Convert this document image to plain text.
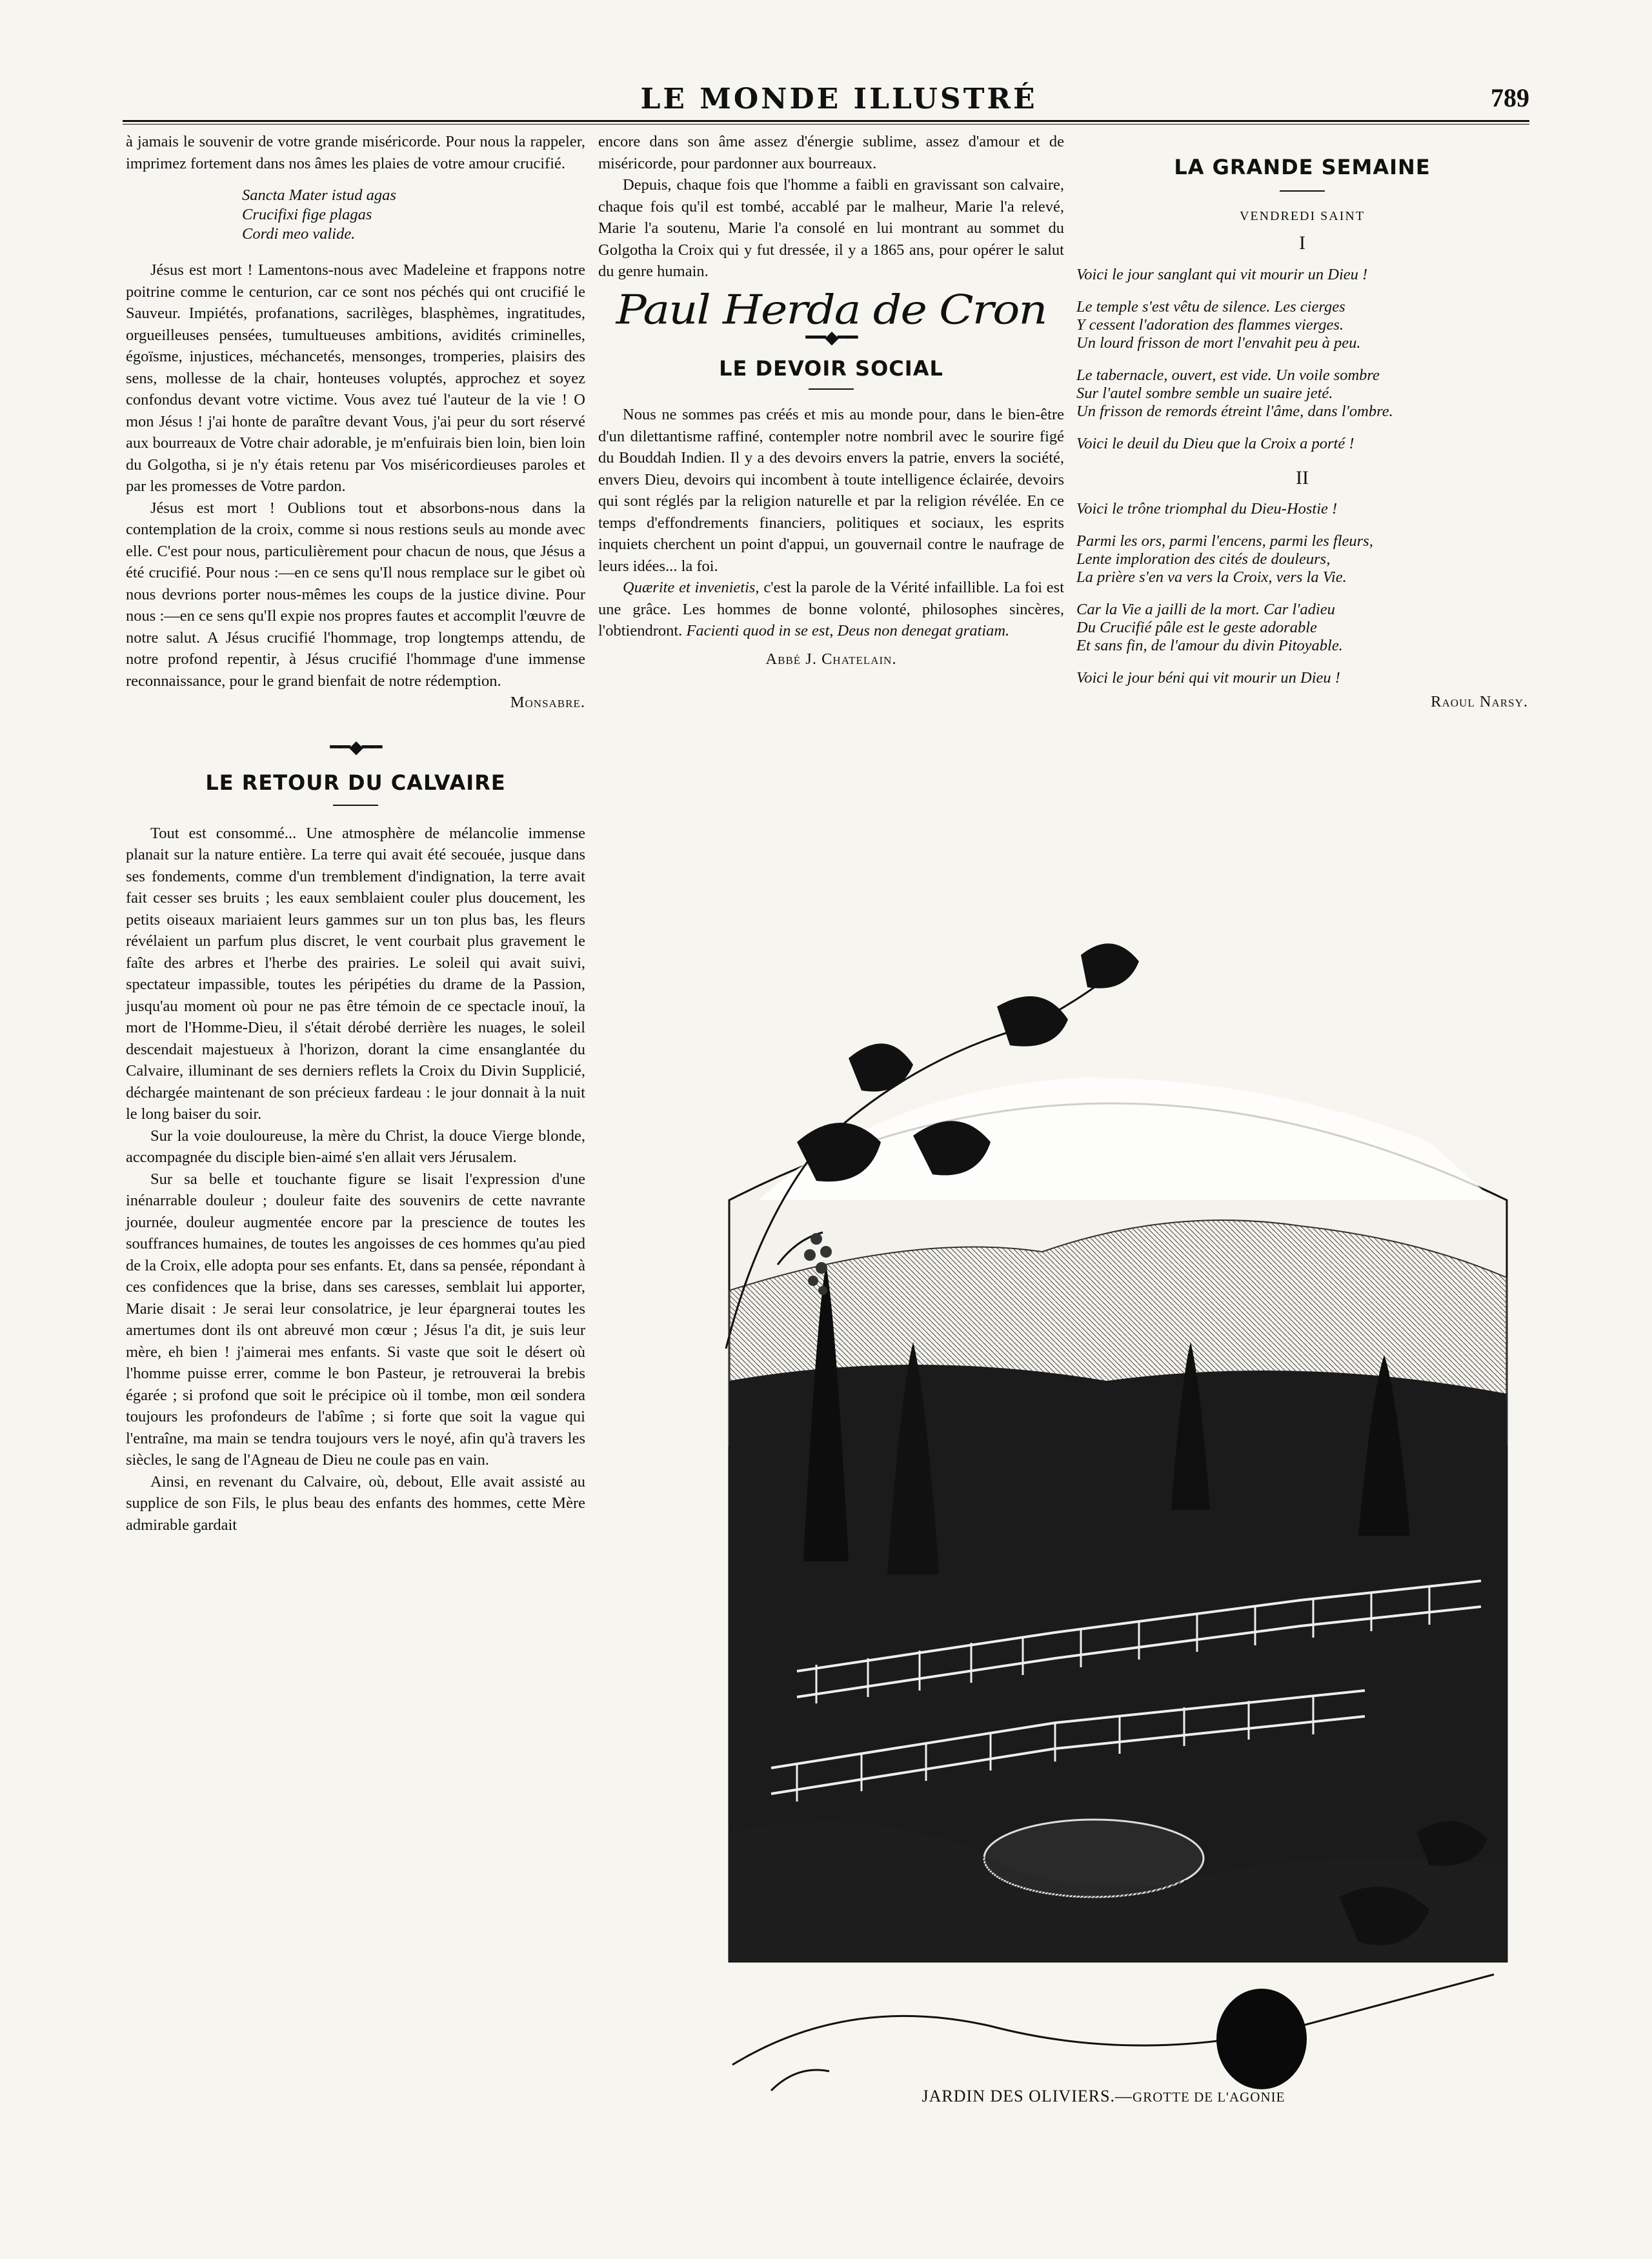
LE MONDE ILLUSTRÉ	789

à jamais le souvenir de votre grande miséricorde. Pour nous la rappeler, imprimez fortement dans nos âmes les plaies de votre amour crucifié.

Sancta Mater istud agas
Crucifixi fige plagas
Cordi meo valide.

Jésus est mort ! Lamentons-nous avec Madeleine et frappons notre poitrine comme le centurion, car ce sont nos péchés qui ont crucifié le Sauveur. Impiétés, profanations, sacrilèges, blasphèmes, ingratitudes, orgueilleuses pensées, tumultueuses ambitions, avidités criminelles, égoïsme, injustices, méchancetés, mensonges, tromperies, plaisirs des sens, mollesse de la chair, honteuses voluptés, approchez et soyez confondus devant votre victime. Vous avez tué l'auteur de la vie ! O mon Jésus ! j'ai honte de paraître devant Vous, j'ai peur du sort réservé aux bourreaux de Votre chair adorable, je m'enfuirais bien loin, bien loin du Golgotha, si je n'y étais retenu par Vos miséricordieuses paroles et par les promesses de Votre pardon.

Jésus est mort ! Oublions tout et absorbons-nous dans la contemplation de la croix, comme si nous restions seuls au monde avec elle. C'est pour nous, particulièrement pour chacun de nous, que Jésus a été crucifié. Pour nous :—en ce sens qu'Il nous remplace sur le gibet où nous devrions porter nous-mêmes les coups de la justice divine. Pour nous :—en ce sens qu'Il expie nos propres fautes et accomplit l'œuvre de notre salut. A Jésus crucifié l'hommage, trop longtemps attendu, de notre profond repentir, à Jésus crucifié l'hommage d'une immense reconnaissance, pour le grand bienfait de notre rédemption.

Monsabre.
━━◆━━
LE RETOUR DU CALVAIRE

Tout est consommé... Une atmosphère de mélancolie immense planait sur la nature entière. La terre qui avait été secouée, jusque dans ses fondements, comme d'un tremblement d'indignation, la terre avait fait cesser ses bruits ; les eaux semblaient couler plus doucement, les petits oiseaux mariaient leurs gammes sur un ton plus bas, les fleurs révélaient un parfum plus discret, le vent courbait plus gravement le faîte des arbres et l'herbe des prairies. Le soleil qui avait suivi, spectateur impassible, toutes les péripéties du drame de la Passion, jusqu'au moment où pour ne pas être témoin de ce spectacle inouï, la mort de l'Homme-Dieu, il s'était dérobé derrière les nuages, le soleil descendait majestueux à l'horizon, dorant la cime ensanglantée du Calvaire, illuminant de ses derniers reflets la Croix du Divin Supplicié, déchargée maintenant de son précieux fardeau : le jour donnait à la nuit le long baiser du soir.

Sur la voie douloureuse, la mère du Christ, la douce Vierge blonde, accompagnée du disciple bien-aimé s'en allait vers Jérusalem.

Sur sa belle et touchante figure se lisait l'expression d'une inénarrable douleur ; douleur faite des souvenirs de cette navrante journée, douleur augmentée encore par la prescience de toutes les souffrances humaines, de toutes les angoisses de ces hommes qu'au pied de la Croix, elle adopta pour ses enfants. Et, dans sa pensée, répondant à ces confidences que la brise, dans ses caresses, semblait lui apporter, Marie disait : Je serai leur consolatrice, je leur épargnerai toutes les amertumes dont ils ont abreuvé mon cœur ; Jésus l'a dit, je suis leur mère, eh bien ! j'aimerai mes enfants. Si vaste que soit le désert où l'homme puisse errer, comme le bon Pasteur, je retrouverai la brebis égarée ; si profond que soit le précipice où il tombe, mon œil sondera toujours les profondeurs de l'abîme ; si forte que soit la vague qui l'entraîne, ma main se tendra toujours vers le noyé, afin qu'à travers les siècles, le sang de l'Agneau de Dieu ne coule pas en vain.

Ainsi, en revenant du Calvaire, où, debout, Elle avait assisté au supplice de son Fils, le plus beau des enfants des hommes, cette Mère admirable gardait

encore dans son âme assez d'énergie sublime, assez d'amour et de miséricorde, pour pardonner aux bourreaux.

Depuis, chaque fois que l'homme a faibli en gravissant son calvaire, chaque fois qu'il est tombé, accablé par le malheur, Marie l'a relevé, Marie l'a soutenu, Marie l'a consolé en lui montrant au sommet du Golgotha la Croix qui y fut dressée, il y a 1865 ans, pour opérer le salut du genre humain.

Paul Herda de Cron
━━◆━━
LE DEVOIR SOCIAL

Nous ne sommes pas créés et mis au monde pour, dans le bien-être d'un dilettantisme raffiné, contempler notre nombril avec le sourire figé du Bouddah Indien. Il y a des devoirs envers la patrie, envers la société, envers Dieu, devoirs qui incombent à toute intelligence éclairée, devoirs qui sont réglés par la religion naturelle et par la religion révélée. En ce temps d'effondrements financiers, politiques et sociaux, les esprits inquiets cherchent un point d'appui, un gouvernail contre le naufrage de leurs idées... la foi.

Quærite et invenietis, c'est la parole de la Vérité infaillible. La foi est une grâce. Les hommes de bonne volonté, philosophes sincères, l'obtiendront. Facienti quod in se est, Deus non denegat gratiam.

Abbé J. Chatelain.
LA GRANDE SEMAINE
VENDREDI SAINT
I

Voici le jour sanglant qui vit mourir un Dieu !

Le temple s'est vêtu de silence. Les cierges

Y cessent l'adoration des flammes vierges.

Un lourd frisson de mort l'envahit peu à peu.

Le tabernacle, ouvert, est vide. Un voile sombre

Sur l'autel sombre semble un suaire jeté.

Un frisson de remords étreint l'âme, dans l'ombre.

Voici le deuil du Dieu que la Croix a porté !

II

Voici le trône triomphal du Dieu-Hostie !

Parmi les ors, parmi l'encens, parmi les fleurs,

Lente imploration des cités de douleurs,

La prière s'en va vers la Croix, vers la Vie.

Car la Vie a jailli de la mort. Car l'adieu

Du Crucifié pâle est le geste adorable

Et sans fin, de l'amour du divin Pitoyable.

Voici le jour béni qui vit mourir un Dieu !

Raoul Narsy.
JARDIN DES OLIVIERS.—GROTTE DE L'AGONIE
